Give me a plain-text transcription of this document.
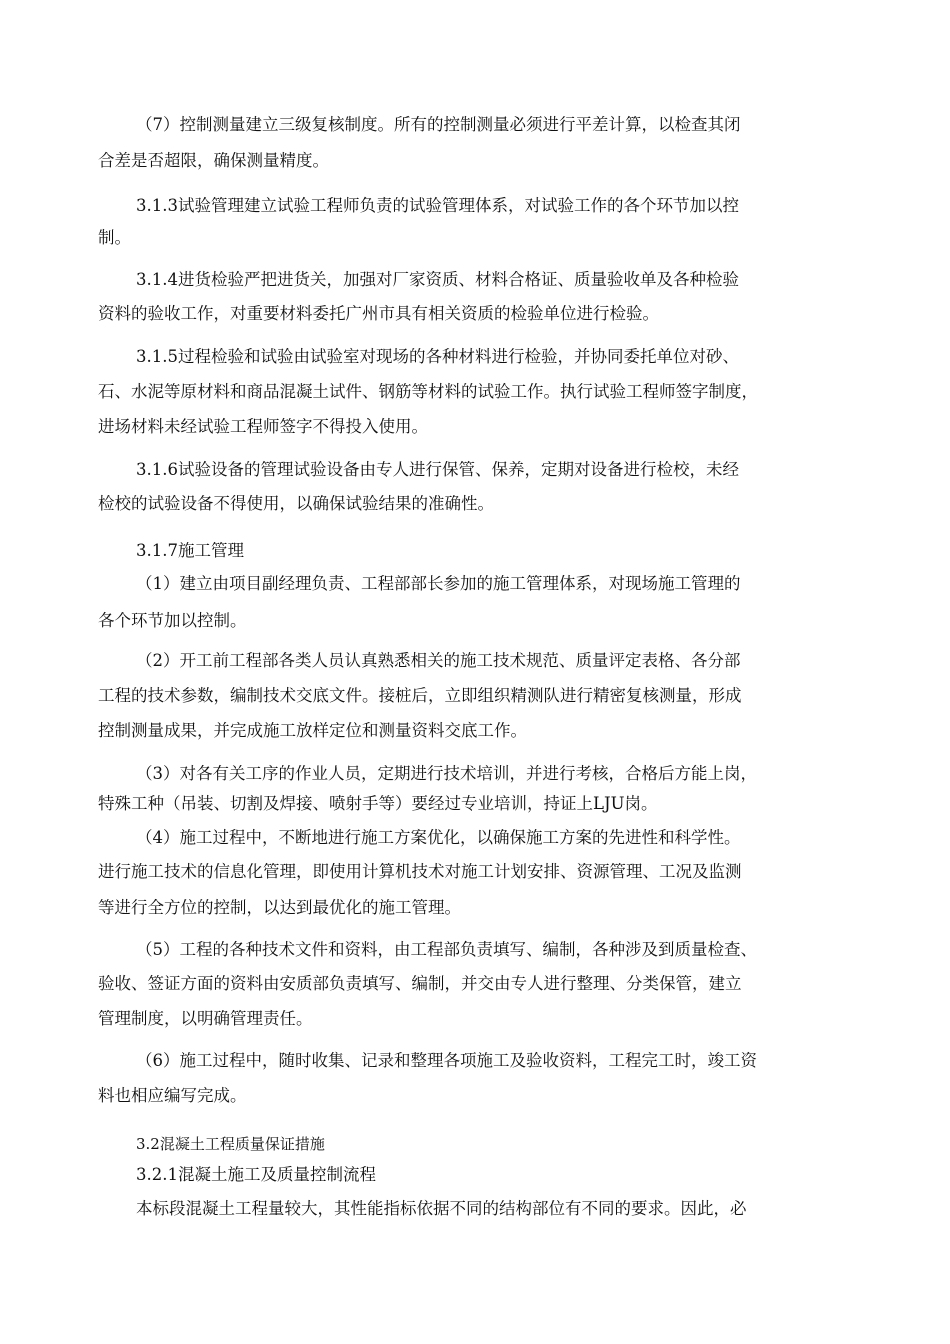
（7）控制测量建立三级复核制度。所有的控制测量必须进行平差计算，以检查其闭

合差是否超限，确保测量精度。

3.1.3试验管理建立试验工程师负责的试验管理体系，对试验工作的各个环节加以控

制。

3.1.4进货检验严把进货关，加强对厂家资质、材料合格证、质量验收单及各种检验

资料的验收工作，对重要材料委托广州市具有相关资质的检验单位进行检验。

3.1.5过程检验和试验由试验室对现场的各种材料进行检验，并协同委托单位对砂、

石、水泥等原材料和商品混凝土试件、钢筋等材料的试验工作。执行试验工程师签字制度，

进场材料未经试验工程师签字不得投入使用。

3.1.6试验设备的管理试验设备由专人进行保管、保养，定期对设备进行检校，未经

检校的试验设备不得使用，以确保试验结果的准确性。

3.1.7施工管理

（1）建立由项目副经理负责、工程部部长参加的施工管理体系，对现场施工管理的

各个环节加以控制。

（2）开工前工程部各类人员认真熟悉相关的施工技术规范、质量评定表格、各分部

工程的技术参数，编制技术交底文件。接桩后，立即组织精测队进行精密复核测量，形成

控制测量成果，并完成施工放样定位和测量资料交底工作。

（3）对各有关工序的作业人员，定期进行技术培训，并进行考核，合格后方能上岗，

特殊工种（吊装、切割及焊接、喷射手等）要经过专业培训，持证上LJU岗。

（4）施工过程中，不断地进行施工方案优化，以确保施工方案的先进性和科学性。

进行施工技术的信息化管理，即使用计算机技术对施工计划安排、资源管理、工况及监测

等进行全方位的控制，以达到最优化的施工管理。

（5）工程的各种技术文件和资料，由工程部负责填写、编制，各种涉及到质量检查、

验收、签证方面的资料由安质部负责填写、编制，并交由专人进行整理、分类保管，建立

管理制度，以明确管理责任。

（6）施工过程中，随时收集、记录和整理各项施工及验收资料，工程完工时，竣工资

料也相应编写完成。

3.2混凝土工程质量保证措施

3.2.1混凝土施工及质量控制流程

本标段混凝土工程量较大，其性能指标依据不同的结构部位有不同的要求。因此，必
